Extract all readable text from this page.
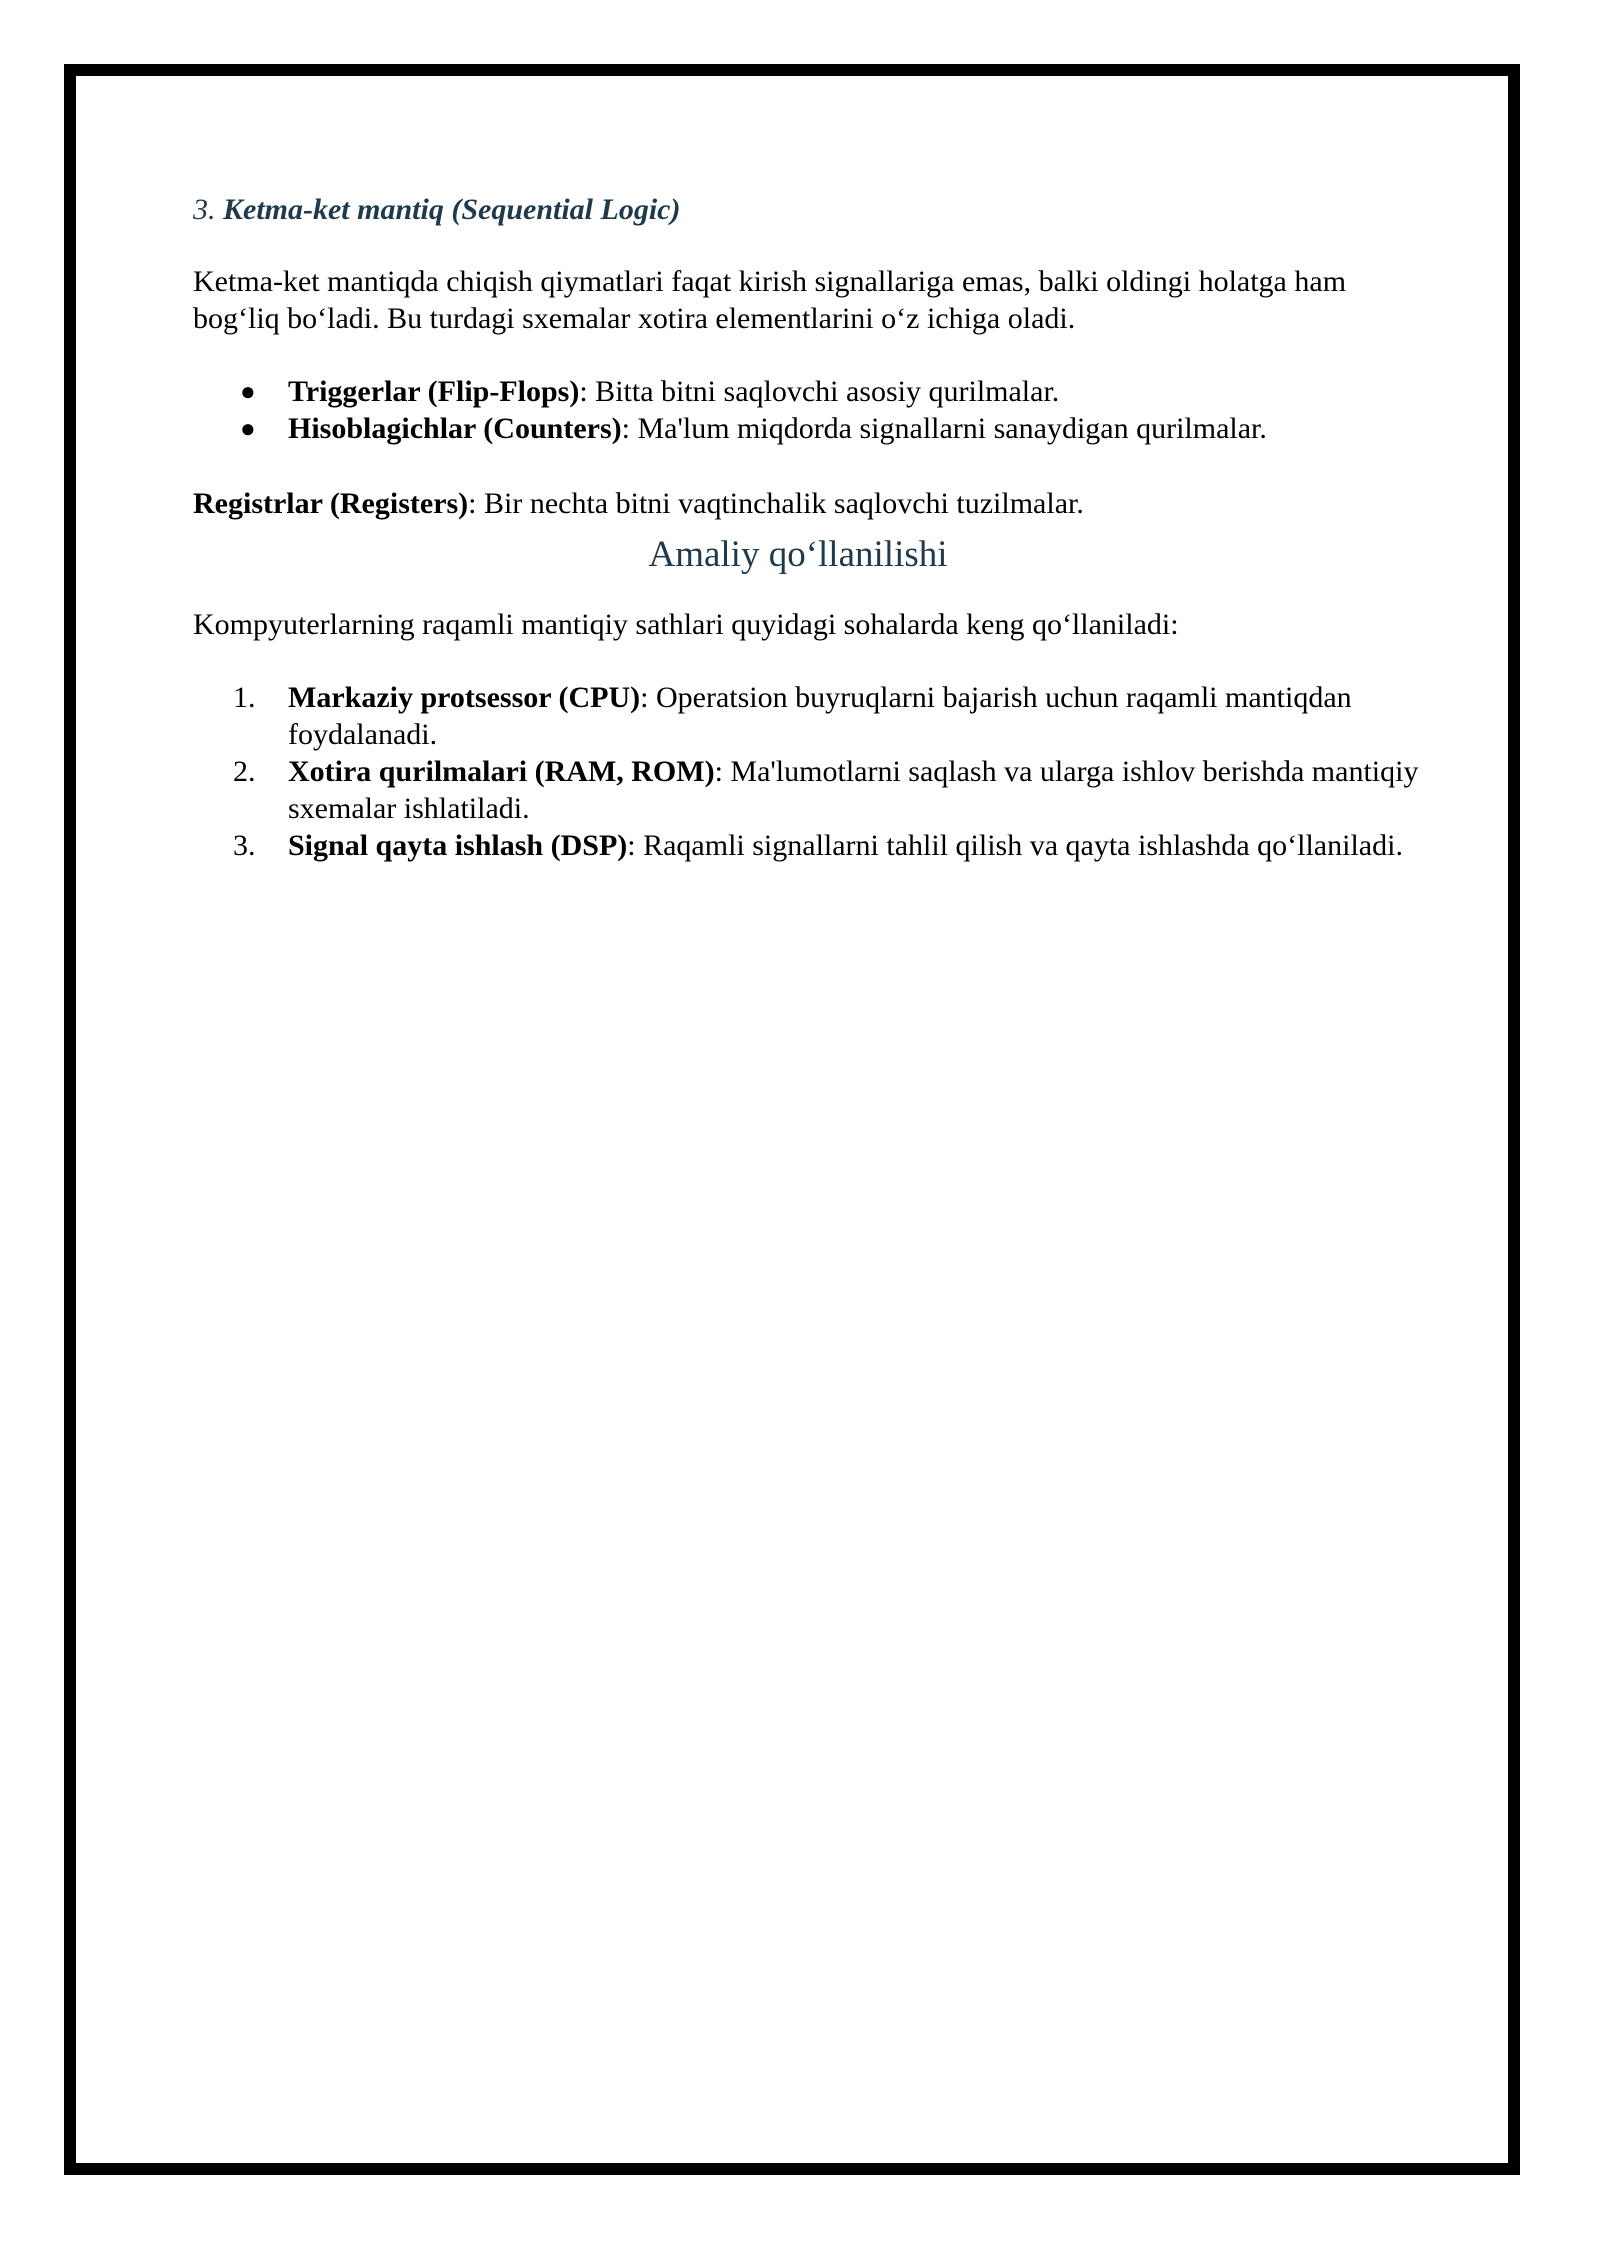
3. Ketma-ket mantiq (Sequential Logic)

Ketma-ket mantiqda chiqish qiymatlari faqat kirish signallariga emas, balki oldingi holatga ham bogʻliq boʻladi. Bu turdagi sxemalar xotira elementlarini oʻz ichiga oladi.

● Triggerlar (Flip-Flops): Bitta bitni saqlovchi asosiy qurilmalar.
● Hisoblagichlar (Counters): Ma'lum miqdorda signallarni sanaydigan qurilmalar.

Registrlar (Registers): Bir nechta bitni vaqtinchalik saqlovchi tuzilmalar.

Amaliy qoʻllanilishi

Kompyuterlarning raqamli mantiqiy sathlari quyidagi sohalarda keng qoʻllaniladi:

1. Markaziy protsessor (CPU): Operatsion buyruqlarni bajarish uchun raqamli mantiqdan foydalanadi.
2. Xotira qurilmalari (RAM, ROM): Ma'lumotlarni saqlash va ularga ishlov berishda mantiqiy sxemalar ishlatiladi.
3. Signal qayta ishlash (DSP): Raqamli signallarni tahlil qilish va qayta ishlashda qoʻllaniladi.
